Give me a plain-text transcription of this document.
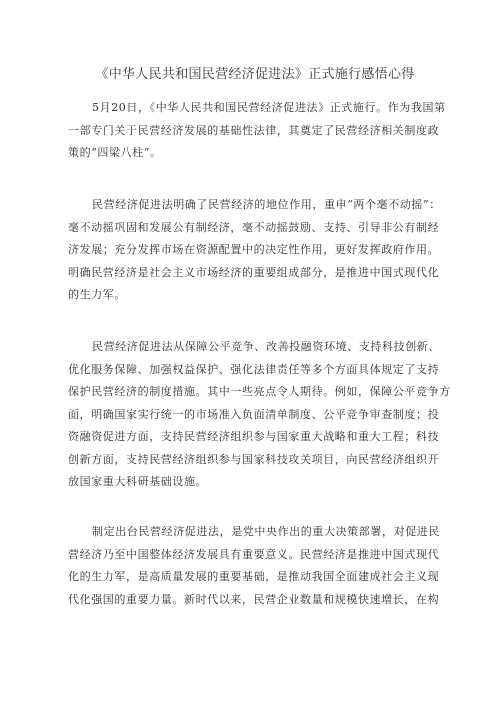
《中华人民共和国民营经济促进法》正式施行感悟心得
5月20日，《中华人民共和国民营经济促进法》正式施行。作为我国第
一部专门关于民营经济发展的基础性法律，其奠定了民营经济相关制度政
策的“四梁八柱”。
民营经济促进法明确了民营经济的地位作用，重申“两个毫不动摇”：
毫不动摇巩固和发展公有制经济，毫不动摇鼓励、支持、引导非公有制经
济发展；充分发挥市场在资源配置中的决定性作用，更好发挥政府作用。
明确民营经济是社会主义市场经济的重要组成部分，是推进中国式现代化
的生力军。
民营经济促进法从保障公平竞争、改善投融资环境、支持科技创新、
优化服务保障、加强权益保护、强化法律责任等多个方面具体规定了支持
保护民营经济的制度措施。其中一些亮点令人期待。例如，保障公平竞争方
面，明确国家实行统一的市场准入负面清单制度、公平竞争审查制度；投
资融资促进方面，支持民营经济组织参与国家重大战略和重大工程；科技
创新方面，支持民营经济组织参与国家科技攻关项目，向民营经济组织开
放国家重大科研基础设施。
制定出台民营经济促进法，是党中央作出的重大决策部署，对促进民
营经济乃至中国整体经济发展具有重要意义。民营经济是推进中国式现代
化的生力军，是高质量发展的重要基础，是推动我国全面建成社会主义现
代化强国的重要力量。新时代以来，民营企业数量和规模快速增长，在构
